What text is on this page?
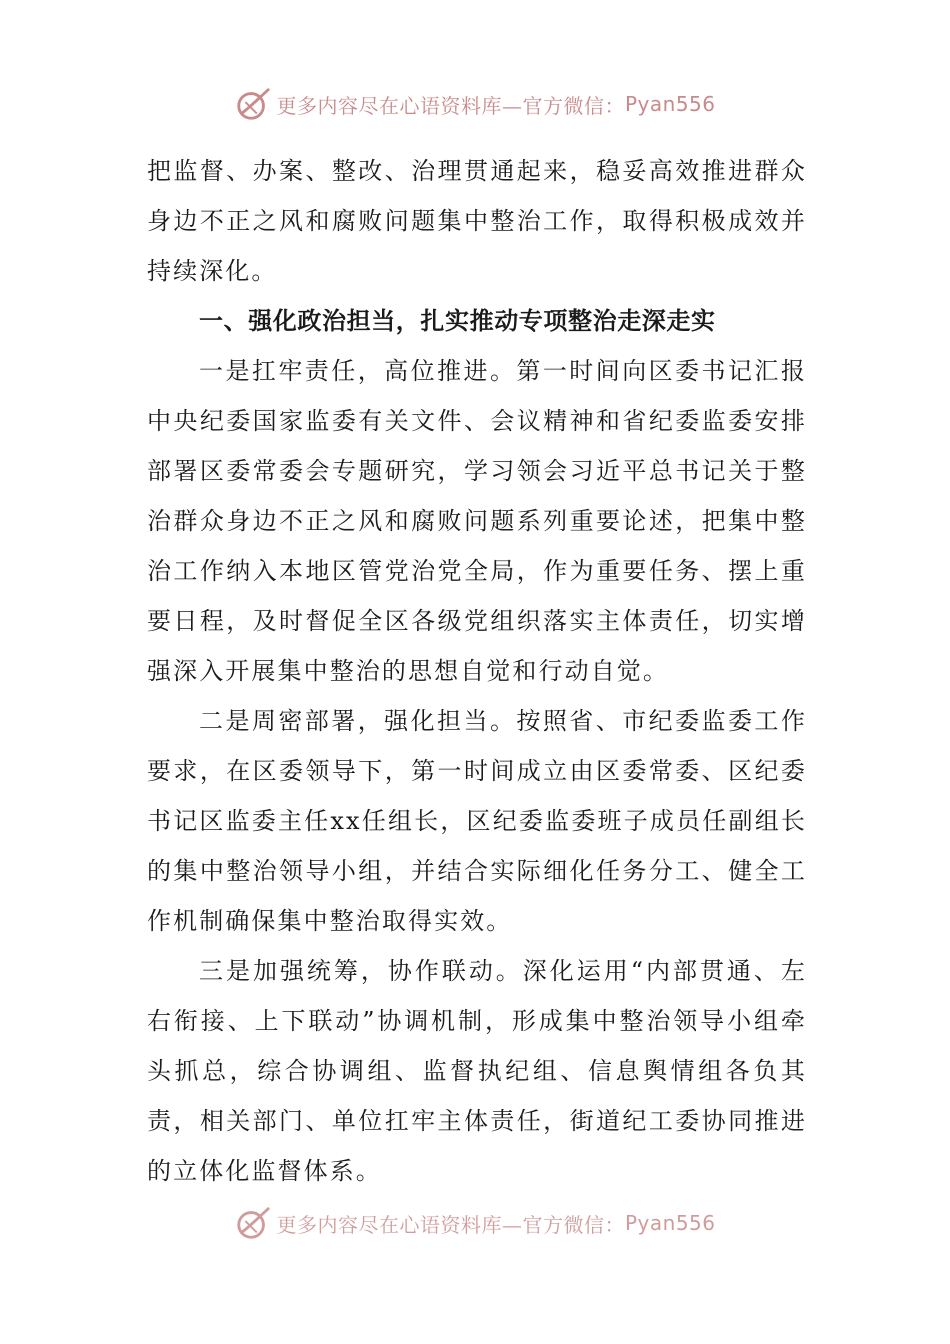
更多内容尽在心语资料库—官方微信： Pyan556

把监督、办案、整改、治理贯通起来，稳妥高效推进群众身边不正之风和腐败问题集中整治工作，取得积极成效并持续深化。

一、强化政治担当，扎实推动专项整治走深走实

一是扛牢责任，高位推进。第一时间向区委书记汇报中央纪委国家监委有关文件、会议精神和省纪委监委安排部署区委常委会专题研究，学习领会习近平总书记关于整治群众身边不正之风和腐败问题系列重要论述，把集中整治工作纳入本地区管党治党全局，作为重要任务、摆上重要日程，及时督促全区各级党组织落实主体责任，切实增强深入开展集中整治的思想自觉和行动自觉。

二是周密部署，强化担当。按照省、市纪委监委工作要求，在区委领导下，第一时间成立由区委常委、区纪委书记区监委主任xx任组长，区纪委监委班子成员任副组长的集中整治领导小组，并结合实际细化任务分工、健全工作机制确保集中整治取得实效。

三是加强统筹，协作联动。深化运用“内部贯通、左右衔接、上下联动”协调机制，形成集中整治领导小组牵头抓总，综合协调组、监督执纪组、信息舆情组各负其责，相关部门、单位扛牢主体责任，街道纪工委协同推进的立体化监督体系。

更多内容尽在心语资料库—官方微信： Pyan556
